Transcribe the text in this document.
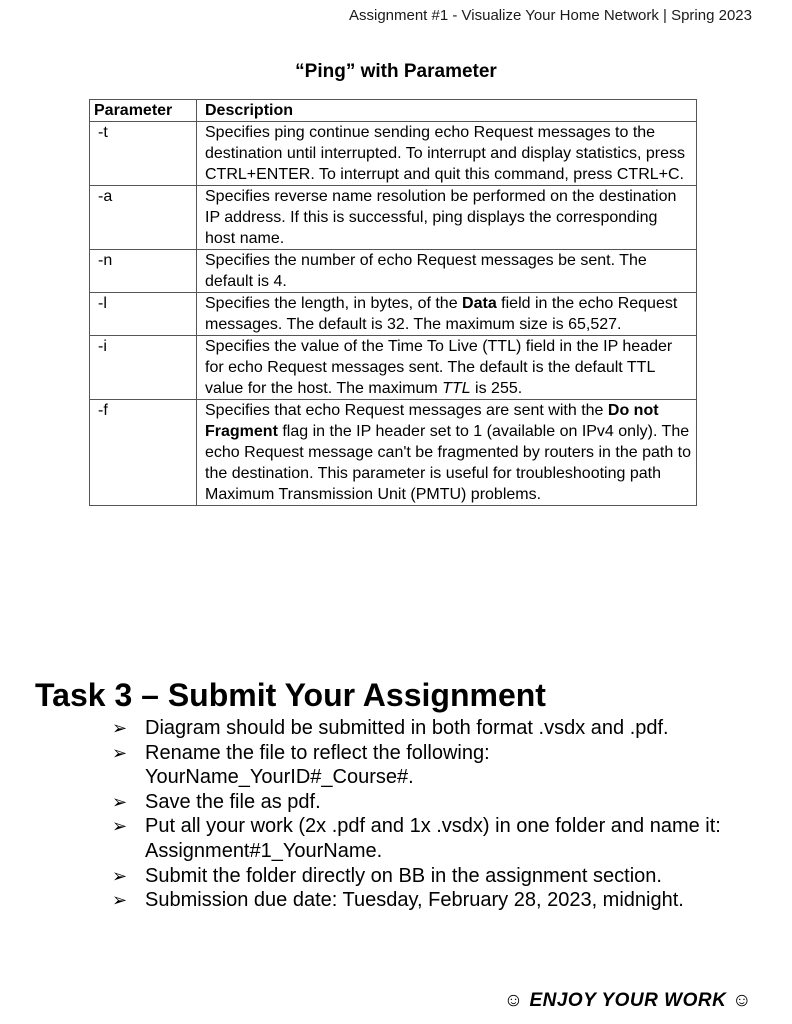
Assignment #1 - Visualize Your Home Network | Spring 2023
“Ping” with Parameter
Parameter	Description
-t	Specifies ping continue sending echo Request messages to the destination until interrupted. To interrupt and display statistics, press CTRL+ENTER. To interrupt and quit this command, press CTRL+C.
-a	Specifies reverse name resolution be performed on the destination IP address. If this is successful, ping displays the corresponding host name.
-n	Specifies the number of echo Request messages be sent. The default is 4.
-l	Specifies the length, in bytes, of the Data field in the echo Request messages. The default is 32. The maximum size is 65,527.
-i	Specifies the value of the Time To Live (TTL) field in the IP header for echo Request messages sent. The default is the default TTL value for the host. The maximum TTL is 255.
-f	Specifies that echo Request messages are sent with the Do not Fragment flag in the IP header set to 1 (available on IPv4 only). The echo Request message can't be fragmented by routers in the path to the destination. This parameter is useful for troubleshooting path Maximum Transmission Unit (PMTU) problems.
Task 3 – Submit Your Assignment
➢ Diagram should be submitted in both format .vsdx and .pdf.
➢ Rename the file to reflect the following: YourName_YourID#_Course#.
➢ Save the file as pdf.
➢ Put all your work (2x .pdf and 1x .vsdx) in one folder and name it: Assignment#1_YourName.
➢ Submit the folder directly on BB in the assignment section.
➢ Submission due date: Tuesday, February 28, 2023, midnight.
☺ ENJOY YOUR WORK ☺
